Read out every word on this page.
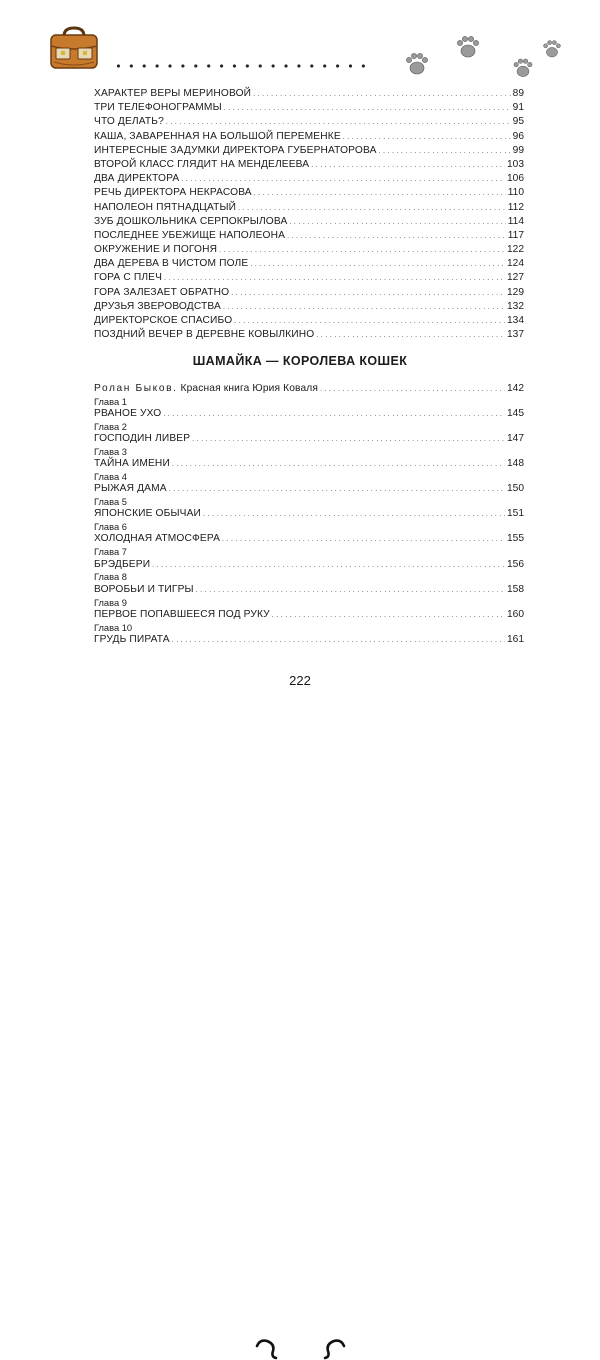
ХАРАКТЕР ВЕРЫ МЕРИНОВОЙ . . .	89
ТРИ ТЕЛЕФОНОГРАММЫ . . .	91
ЧТО ДЕЛАТЬ? . . .	95
КАША, ЗАВАРЕННАЯ НА БОЛЬШОЙ ПЕРЕМЕНКЕ . . .	96
ИНТЕРЕСНЫЕ ЗАДУМКИ ДИРЕКТОРА ГУБЕРНАТОРОВА . . .	99
ВТОРОЙ КЛАСС ГЛЯДИТ НА МЕНДЕЛЕЕВА . . .	103
ДВА ДИРЕКТОРА . . .	106
РЕЧЬ ДИРЕКТОРА НЕКРАСОВА . . .	110
НАПОЛЕОН ПЯТНАДЦАТЫЙ . . .	112
ЗУБ ДОШКОЛЬНИКА СЕРПОКРЫЛОВА . . .	114
ПОСЛЕДНЕЕ УБЕЖИЩЕ НАПОЛЕОНА . . .	117
ОКРУЖЕНИЕ И ПОГОНЯ . . .	122
ДВА ДЕРЕВА В ЧИСТОМ ПОЛЕ . . .	124
ГОРА С ПЛЕЧ . . .	127
ГОРА ЗАЛЕЗАЕТ ОБРАТНО . . .	129
ДРУЗЬЯ ЗВЕРОВОДСТВА . . .	132
ДИРЕКТОРСКОЕ СПАСИБО . . .	134
ПОЗДНИЙ ВЕЧЕР В ДЕРЕВНЕ КОВЫЛКИНО . . .	137
ШАМАЙКА — КОРОЛЕВА КОШЕК
Ролан Быков. Красная книга Юрия Коваля . . .	142
Глава 1
РВАНОЕ УХО . . .	145
Глава 2
ГОСПОДИН ЛИВЕР . . .	147
Глава 3
ТАЙНА ИМЕНИ . . .	148
Глава 4
РЫЖАЯ ДАМА . . .	150
Глава 5
ЯПОНСКИЕ ОБЫЧАИ . . .	151
Глава 6
ХОЛОДНАЯ АТМОСФЕРА . . .	155
Глава 7
БРЭДБЕРИ . . .	156
Глава 8
ВОРОБЬИ И ТИГРЫ . . .	158
Глава 9
ПЕРВОЕ ПОПАВШЕЕСЯ ПОД РУКУ . . .	160
Глава 10
ГРУДЬ ПИРАТА . . .	161
222
